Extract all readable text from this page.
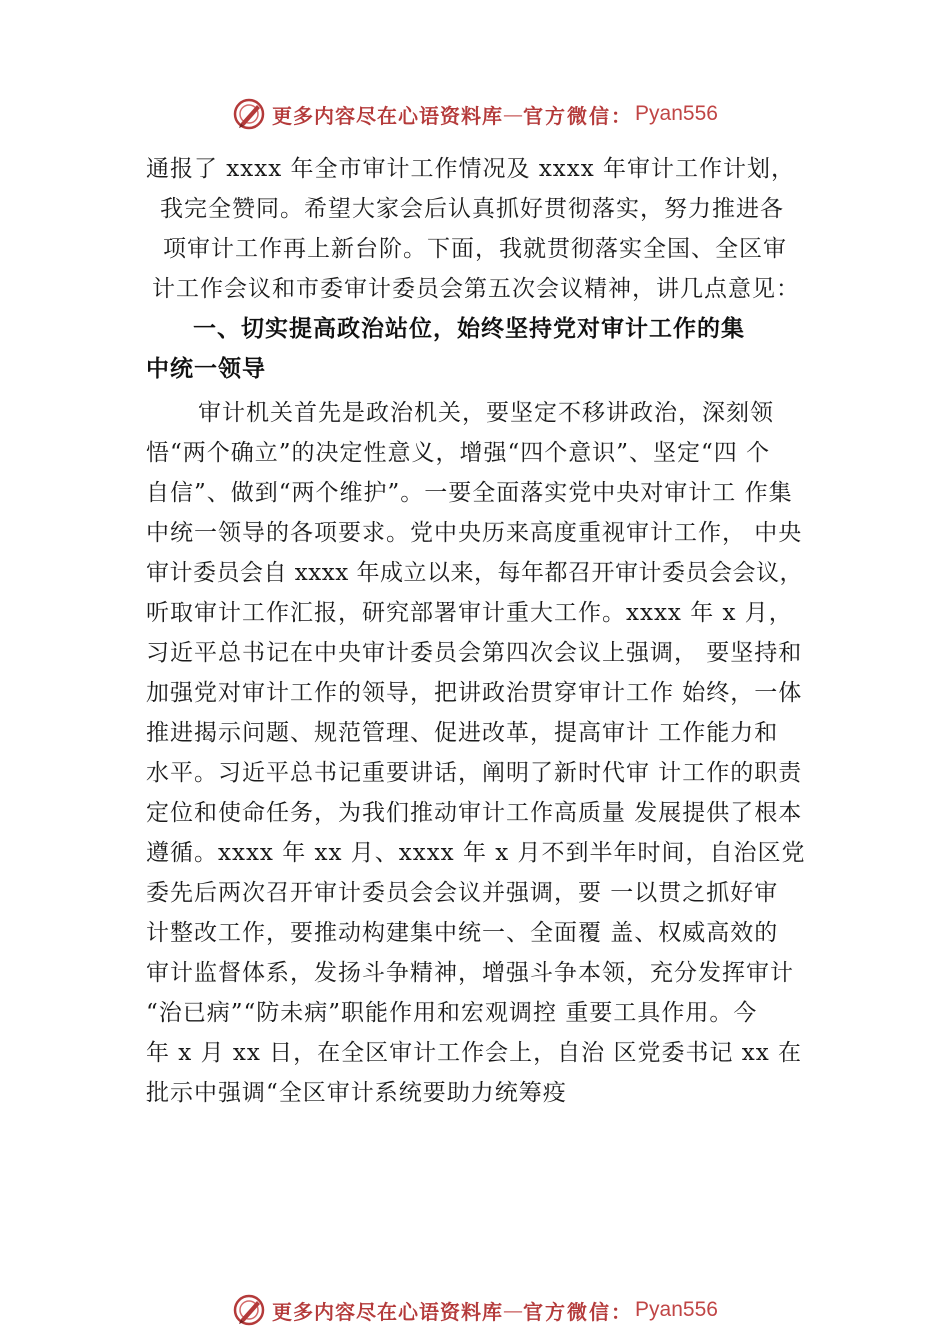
更多内容尽在心语资料库 — 官方微信： Pyan556
通报了 xxxx 年全市审计工作情况及 xxxx 年审计工作计划，
我完全赞同。希望大家会后认真抓好贯彻落实，努力推进各
项审计工作再上新台阶。下面，我就贯彻落实全国、全区审
计工作会议和市委审计委员会第五次会议精神，讲几点意见：
一、切实提高政治站位，始终坚持党对审计工作的集
中统一领导
审计机关首先是政治机关，要坚定不移讲政治，深刻领
悟“两个确立”的决定性意义，增强“四个意识”、坚定“四 个
自信”、做到“两个维护”。一要全面落实党中央对审计工 作集
中统一领导的各项要求。党中央历来高度重视审计工作， 中央
审计委员会自 xxxx 年成立以来，每年都召开审计委员会会议，
听取审计工作汇报，研究部署审计重大工作。xxxx 年 x 月，
习近平总书记在中央审计委员会第四次会议上强调， 要坚持和
加强党对审计工作的领导，把讲政治贯穿审计工作 始终，一体
推进揭示问题、规范管理、促进改革，提高审计 工作能力和
水平。习近平总书记重要讲话，阐明了新时代审 计工作的职责
定位和使命任务，为我们推动审计工作高质量 发展提供了根本
遵循。xxxx 年 xx 月、xxxx 年 x 月不到半年时间，自治区党
委先后两次召开审计委员会会议并强调，要 一以贯之抓好审
计整改工作，要推动构建集中统一、全面覆 盖、权威高效的
审计监督体系，发扬斗争精神，增强斗争本领，充分发挥审计
“治已病”“防未病”职能作用和宏观调控 重要工具作用。今
年 x 月 xx 日，在全区审计工作会上，自治 区党委书记 xx 在
批示中强调“全区审计系统要助力统筹疫
更多内容尽在心语资料库 — 官方微信： Pyan556
